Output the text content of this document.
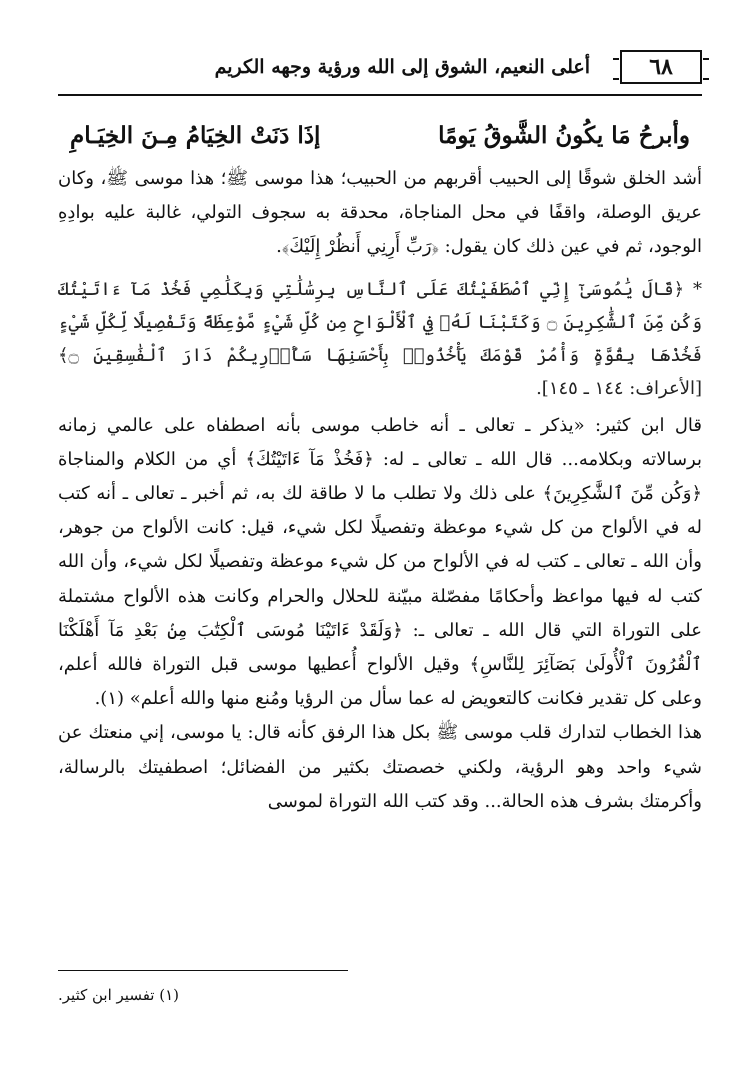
٦٨
أعلى النعيم، الشوق إلى الله ورؤية وجهه الكريم
وأبرحُ مَا يكُونُ الشَّوقُ يَومًا
إذَا دَنَتْ الخِيَامُ مِـنَ الخِيَـامِ

أشد الخلق شوقًا إلى الحبيب أقربهم من الحبيب؛ هذا موسى ﷺ؛ هذا موسى ﷺ، وكان عريق الوصلة، واقفًا في محل المناجاة، محدقة به سجوف التولي، غالبة عليه بوادِهِ الوجود، ثم في عين ذلك كان يقول: ﴿رَبِّ أَرِنِي أَنظُرْ إِلَيْكَ﴾.

* ﴿قَالَ يَٰمُوسَىٰٓ إِنِّي ٱصْطَفَيْتُكَ عَلَى ٱلنَّاسِ بِرِسَٰلَٰتِي وَبِكَلَٰمِي فَخُذْ مَآ ءَاتَيْتُكَ وَكُن مِّنَ ٱلشَّٰكِرِينَ ۝ وَكَتَبْنَا لَهُۥ فِي ٱلْأَلْوَاحِ مِن كُلِّ شَيْءٍ مَّوْعِظَةً وَتَفْصِيلًا لِّكُلِّ شَيْءٍ فَخُذْهَا بِقُوَّةٍ وَأْمُرْ قَوْمَكَ يَأْخُذُوا۟ بِأَحْسَنِهَا سَأُو۟رِيكُمْ دَارَ ٱلْفَٰسِقِينَ ۝﴾ [الأعراف: ١٤٤ ـ ١٤٥].

قال ابن كثير: «يذكر ـ تعالى ـ أنه خاطب موسى بأنه اصطفاه على عالمي زمانه برسالاته وبكلامه... قال الله ـ تعالى ـ له: ﴿فَخُذْ مَآ ءَاتَيْتُكَ﴾ أي من الكلام والمناجاة ﴿وَكُن مِّنَ ٱلشَّٰكِرِينَ﴾ على ذلك ولا تطلب ما لا طاقة لك به، ثم أخبر ـ تعالى ـ أنه كتب له في الألواح من كل شيء موعظة وتفصيلًا لكل شيء، قيل: كانت الألواح من جوهر، وأن الله ـ تعالى ـ كتب له في الألواح من كل شيء موعظة وتفصيلًا لكل شيء، وأن الله كتب له فيها مواعظ وأحكامًا مفصّلة مبيّنة للحلال والحرام وكانت هذه الألواح مشتملة على التوراة التي قال الله ـ تعالى ـ: ﴿وَلَقَدْ ءَاتَيْنَا مُوسَى ٱلْكِتَٰبَ مِنۢ بَعْدِ مَآ أَهْلَكْنَا ٱلْقُرُونَ ٱلْأُولَىٰ بَصَآئِرَ لِلنَّاسِ﴾ وقيل الألواح أُعطيها موسى قبل التوراة فالله أعلم، وعلى كل تقدير فكانت كالتعويض له عما سأل من الرؤيا ومُنع منها والله أعلم» (١).

هذا الخطاب لتدارك قلب موسى ﷺ بكل هذا الرفق كأنه قال: يا موسى، إني منعتك عن شيء واحد وهو الرؤية، ولكني خصصتك بكثير من الفضائل؛ اصطفيتك بالرسالة، وأكرمتك بشرف هذه الحالة... وقد كتب الله التوراة لموسى

(١) تفسير ابن كثير.
